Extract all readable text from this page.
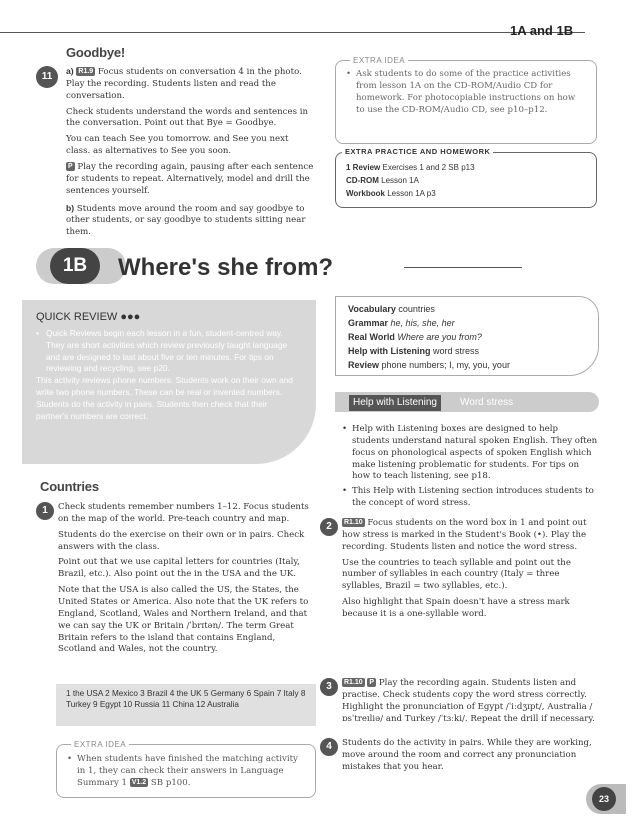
1A and 1B
Goodbye!
11	a) R1.9 Focus students on conversation 4 in the photo. Play the recording. Students listen and read the conversation.

Check students understand the words and sentences in the conversation. Point out that Bye = Goodbye.

You can teach See you tomorrow. and See you next class. as alternatives to See you soon.

P Play the recording again, pausing after each sentence for students to repeat. Alternatively, model and drill the sentences yourself.

b) Students move around the room and say goodbye to other students, or say goodbye to students sitting near them.

EXTRA IDEA
• Ask students to do some of the practice activities from lesson 1A on the CD-ROM/Audio CD for homework. For photocopiable instructions on how to use the CD-ROM/Audio CD, see p10–p12.
EXTRA PRACTICE AND HOMEWORK
1 Review Exercises 1 and 2 SB p13
CD-ROM Lesson 1A
Workbook Lesson 1A p3
1B	Where's she from?
QUICK REVIEW ●●●
• Quick Reviews begin each lesson in a fun, student-centred way. They are short activities which review previously taught language and are designed to last about five or ten minutes. For tips on reviewing and recycling, see p20.
This activity reviews phone numbers. Students work on their own and write two phone numbers. These can be real or invented numbers. Students do the activity in pairs. Students then check that their partner's numbers are correct.
Vocabulary countries
Grammar he, his, she, her
Real World Where are you from?
Help with Listening word stress
Review phone numbers; I, my, you, your
Countries
1	Check students remember numbers 1–12. Focus students on the map of the world. Pre-teach country and map.

Students do the exercise on their own or in pairs. Check answers with the class.

Point out that we use capital letters for countries (Italy, Brazil, etc.). Also point out the in the USA and the UK.

Note that the USA is also called the US, the States, the United States or America. Also note that the UK refers to England, Scotland, Wales and Northern Ireland, and that we can say the UK or Britain /ˈbrɪtən/. The term Great Britain refers to the island that contains England, Scotland and Wales, not the country.

1 the USA 2 Mexico 3 Brazil 4 the UK 5 Germany 6 Spain 7 Italy 8 Turkey 9 Egypt 10 Russia 11 China 12 Australia
EXTRA IDEA
• When students have finished the matching activity in 1, they can check their answers in Language Summary 1 V1.2 SB p100.
Help with Listening	Word stress
• Help with Listening boxes are designed to help students understand natural spoken English. They often focus on phonological aspects of spoken English which make listening problematic for students. For tips on how to teach listening, see p18.
• This Help with Listening section introduces students to the concept of word stress.
2	R1.10 Focus students on the word box in 1 and point out how stress is marked in the Student's Book (•). Play the recording. Students listen and notice the word stress.

Use the countries to teach syllable and point out the number of syllables in each country (Italy = three syllables, Brazil = two syllables, etc.).

Also highlight that Spain doesn't have a stress mark because it is a one-syllable word.

3	R1.10 P Play the recording again. Students listen and practise. Check students copy the word stress correctly. Highlight the pronunciation of Egypt /ˈiːdʒɪpt/, Australia /ɒsˈtreɪliə/ and Turkey /ˈtɜːki/. Repeat the drill if necessary.

4	Students do the activity in pairs. While they are working, move around the room and correct any pronunciation mistakes that you hear.

23
